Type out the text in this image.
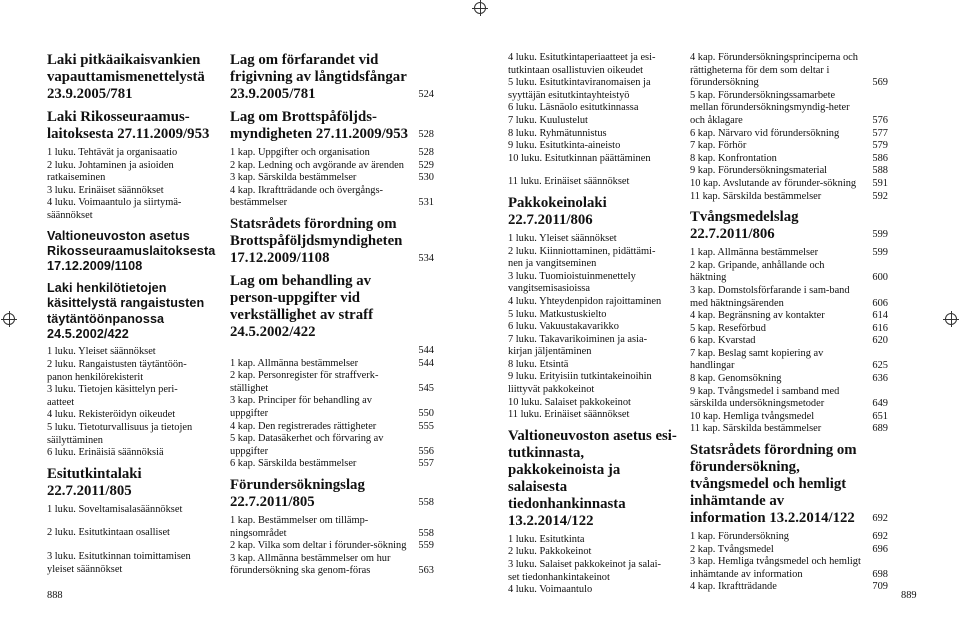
Laki pitkäaikaisvankien vapauttamismenettelystä 23.9.2005/781
Laki Rikosseuraamus-laitoksesta 27.11.2009/953
1 luku. Tehtävät ja organisaatio
2 luku. Johtaminen ja asioiden ratkaiseminen
3 luku. Erinäiset säännökset
4 luku. Voimaantulo ja siirtymä-säännökset
Valtioneuvoston asetus Rikosseuraamuslaitoksesta 17.12.2009/1108
Laki henkilötietojen käsittelystä rangaistusten täytäntöönpanossa 24.5.2002/422
1 luku. Yleiset säännökset
2 luku. Rangaistusten täytäntöön-panon henkilörekisterit
3 luku. Tietojen käsittelyn peri-aatteet
4 luku. Rekisteröidyn oikeudet
5 luku. Tietoturvallisuus ja tietojen säilyttäminen
6 luku. Erinäisiä säännöksiä
Esitutkintalaki 22.7.2011/805
1 luku. Soveltamisalasäännökset
2 luku. Esitutkintaan osalliset
3 luku. Esitutkinnan toimittamisen yleiset säännökset
Lag om förfarandet vid frigivning av långtidsfångar 23.9.2005/781	524
Lag om Brottspåföljds-myndigheten 27.11.2009/953	528
1 kap. Uppgifter och organisation	528
2 kap. Ledning och avgörande av ärenden	529
3 kap. Särskilda bestämmelser	530
4 kap. Ikraftträdande och övergångs-bestämmelser	531
Statsrådets förordning om Brottspåföljdsmyndigheten 17.12.2009/1108	534
Lag om behandling av person-uppgifter vid verkställighet av straff 24.5.2002/422
544
1 kap. Allmänna bestämmelser	544
2 kap. Personregister för straffverk-ställighet	545
3 kap. Principer för behandling av uppgifter	550
4 kap. Den registrerades rättigheter	555
5 kap. Datasäkerhet och förvaring av uppgifter	556
6 kap. Särskilda bestämmelser	557
Förundersökningslag 22.7.2011/805	558
1 kap. Bestämmelser om tillämp-ningsområdet	558
2 kap. Vilka som deltar i förunder-sökning	559
3 kap. Allmänna bestämmelser om hur förundersökning ska genom-föras	563
4 luku. Esitutkintaperiaatteet ja esi-tutkintaan osallistuvien oikeudet
5 luku. Esitutkintaviranomaisen ja syyttäjän esitutkintayhteistyö
6 luku. Läsnäolo esitutkinnassa
7 luku. Kuulustelut
8 luku. Ryhmätunnistus
9 luku. Esitutkinta-aineisto
10 luku. Esitutkinnan päättäminen
11 luku. Erinäiset säännökset
Pakkokeinolaki 22.7.2011/806
1 luku. Yleiset säännökset
2 luku. Kiinniottaminen, pidättämi-nen ja vangitseminen
3 luku. Tuomioistuinmenettely vangitsemisasioissa
4 luku. Yhteydenpidon rajoittaminen
5 luku. Matkustuskielto
6 luku. Vakuustakavarikko
7 luku. Takavarikoiminen ja asia-kirjan jäljentäminen
8 luku. Etsintä
9 luku. Erityisiin tutkintakeinoihin liittyvät pakkokeinot
10 luku. Salaiset pakkokeinot
11 luku. Erinäiset säännökset
Valtioneuvoston asetus esi-tutkinnasta, pakkokeinoista ja salaisesta tiedonhankinnasta 13.2.2014/122
1 luku. Esitutkinta
2 luku. Pakkokeinot
3 luku. Salaiset pakkokeinot ja salai-set tiedonhankintakeinot
4 luku. Voimaantulo
4 kap. Förundersökningsprinciperna och rättigheterna för dem som deltar i förundersökning	569
5 kap. Förundersökningssamarbete mellan förundersökningsmyndig-heter och åklagare	576
6 kap. Närvaro vid förundersökning	577
7 kap. Förhör	579
8 kap. Konfrontation	586
9 kap. Förundersökningsmaterial	588
10 kap. Avslutande av förunder-sökning	591
11 kap. Särskilda bestämmelser	592
Tvångsmedelslag 22.7.2011/806	599
1 kap. Allmänna bestämmelser	599
2 kap. Gripande, anhållande och häktning	600
3 kap. Domstolsförfarande i sam-band med häktningsärenden	606
4 kap. Begränsning av kontakter	614
5 kap. Reseförbud	616
6 kap. Kvarstad	620
7 kap. Beslag samt kopiering av handlingar	625
8 kap. Genomsökning	636
9 kap. Tvångsmedel i samband med särskilda undersökningsmetoder	649
10 kap. Hemliga tvångsmedel	651
11 kap. Särskilda bestämmelser	689
Statsrådets förordning om förundersökning, tvångsmedel och hemligt inhämtande av information 13.2.2014/122	692
1 kap. Förundersökning	692
2 kap. Tvångsmedel	696
3 kap. Hemliga tvångsmedel och hemligt inhämtande av information	698
4 kap. Ikraftträdande	709
888	889
